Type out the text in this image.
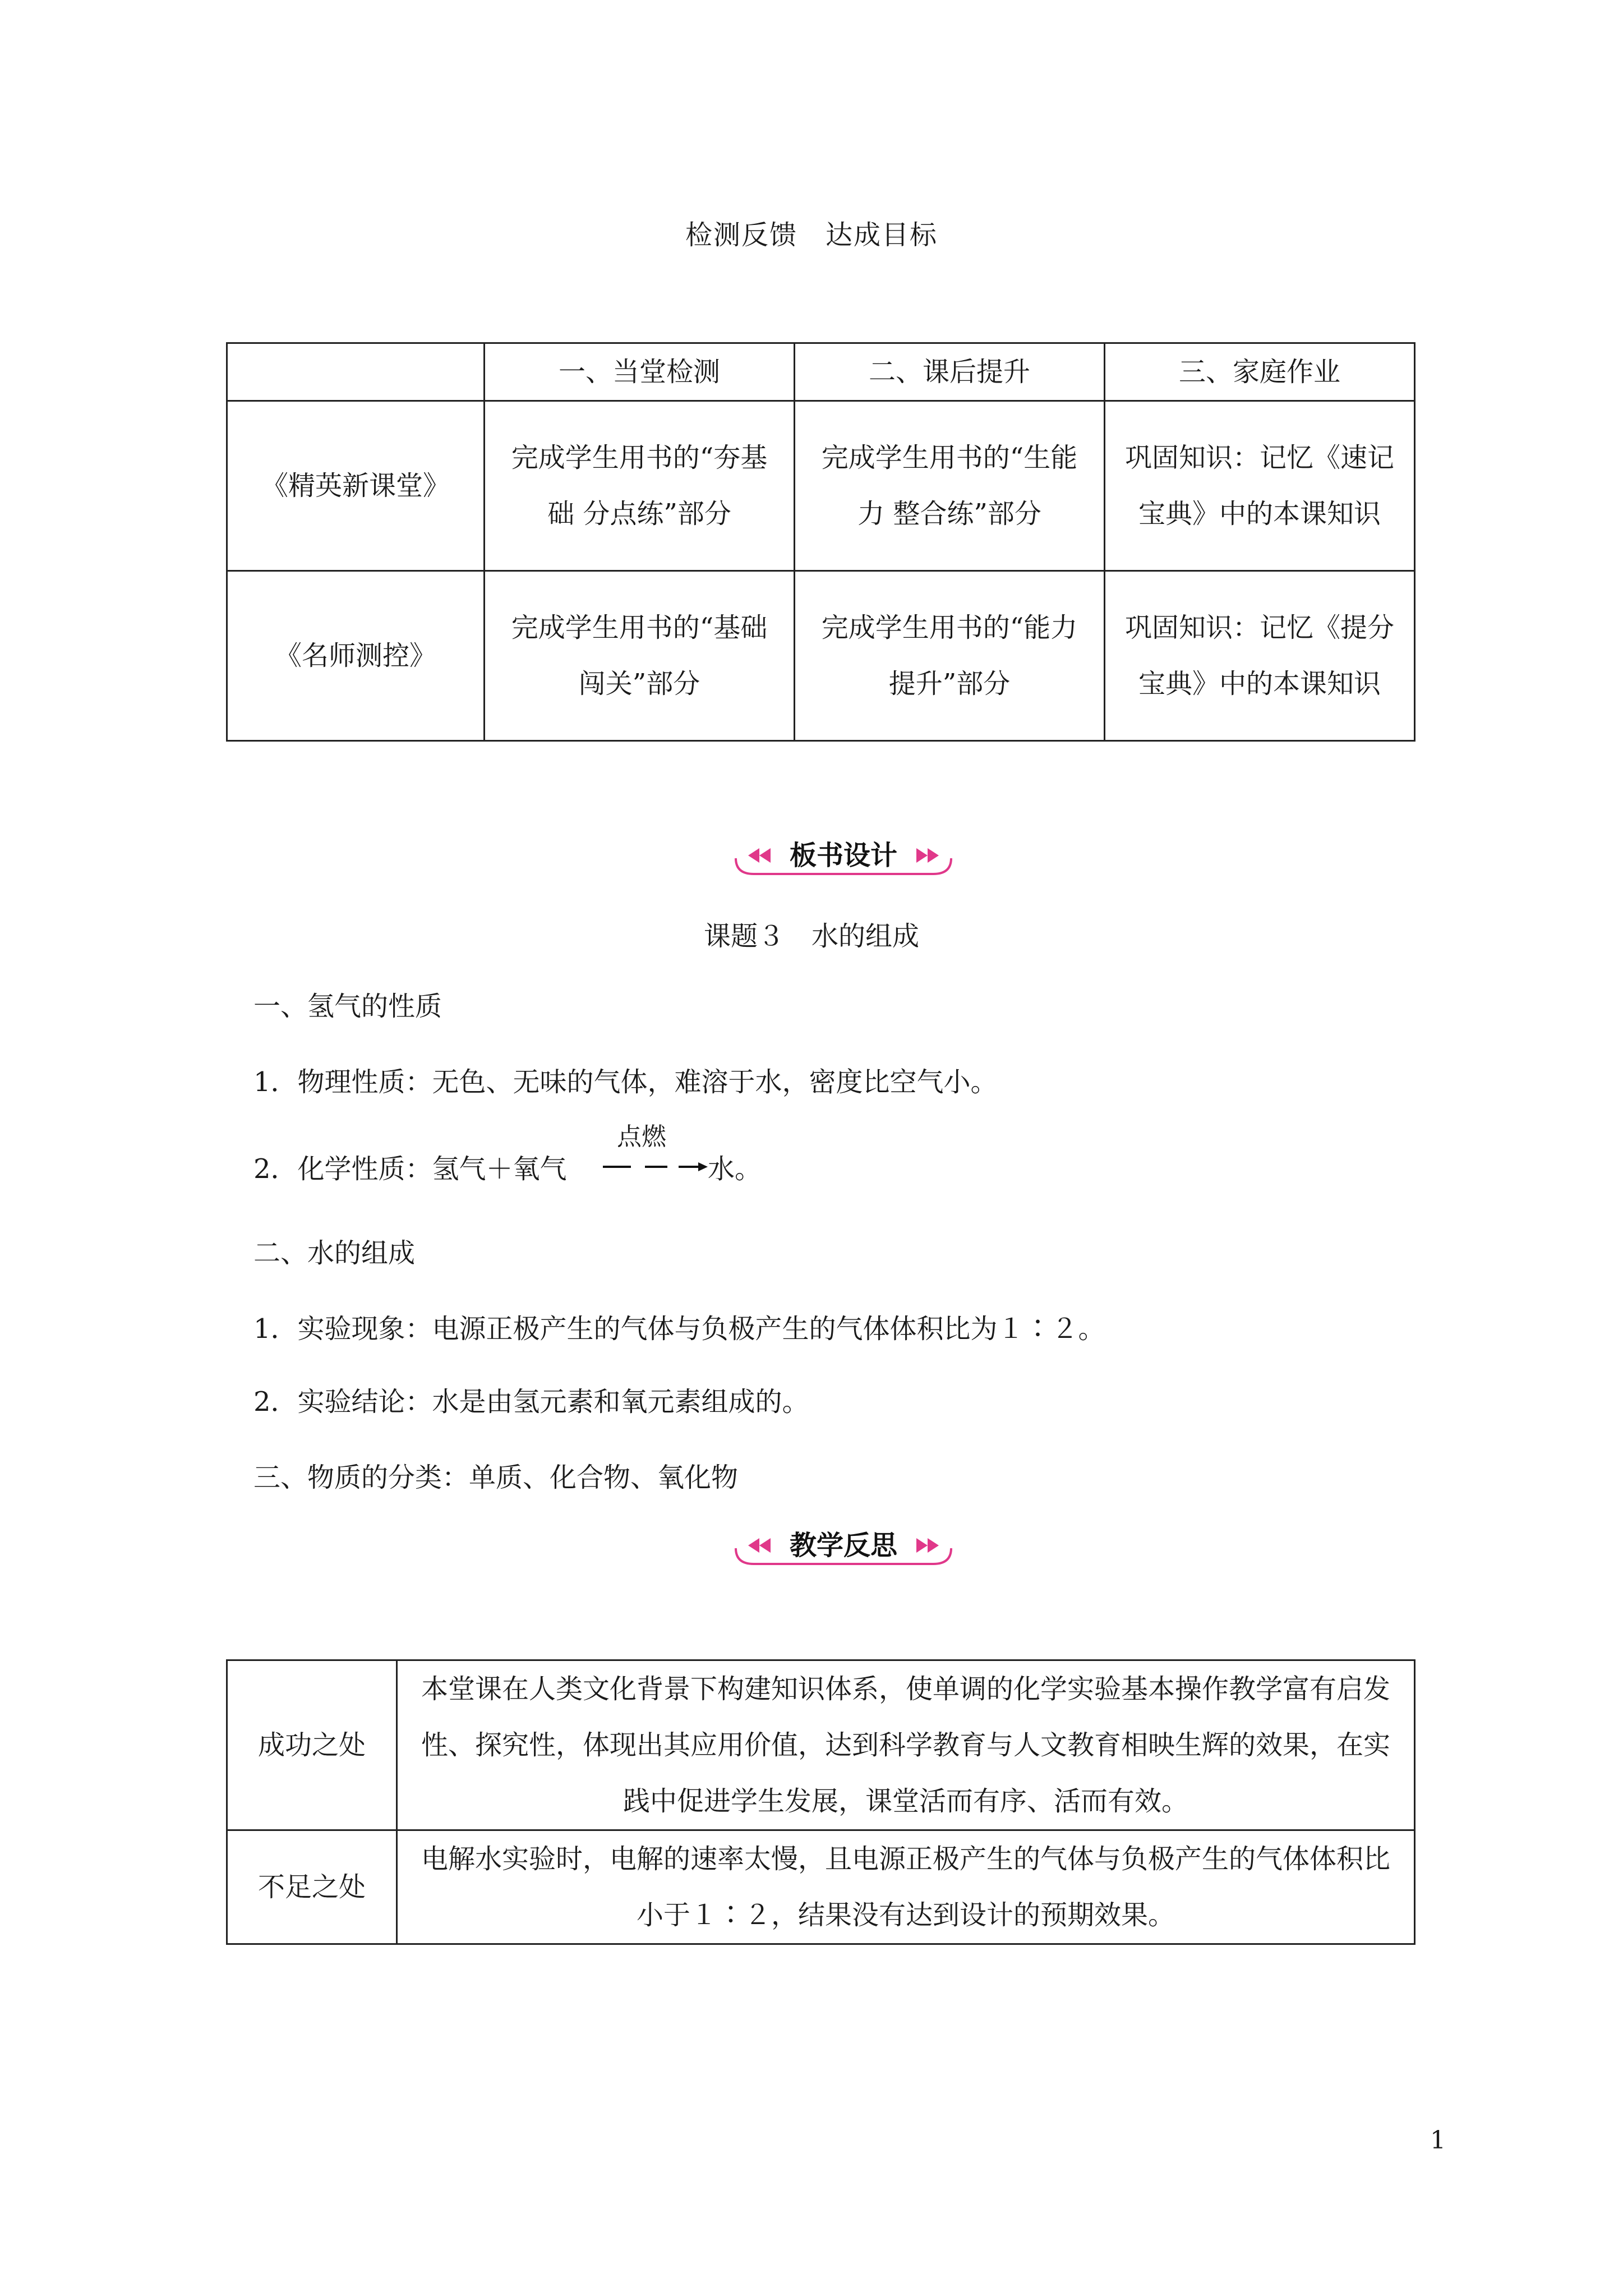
检测反馈　达成目标
	一、当堂检测	二、课后提升	三、家庭作业
《精英新课堂》	完成学生用书的“夯基础 分点练”部分	完成学生用书的“生能力 整合练”部分	巩固知识：记忆《速记宝典》中的本课知识
《名师测控》	完成学生用书的“基础闯关”部分	完成学生用书的“能力提升”部分	巩固知识：记忆《提分宝典》中的本课知识
板书设计
课题３　水的组成
一、氢气的性质
1．物理性质：无色、无味的气体，难溶于水，密度比空气小。
2．化学性质：氢气＋氧气
点燃
水。
二、水的组成
1．实验现象：电源正极产生的气体与负极产生的气体体积比为１∶２。
2．实验结论：水是由氢元素和氧元素组成的。
三、物质的分类：单质、化合物、氧化物
教学反思
成功之处	本堂课在人类文化背景下构建知识体系，使单调的化学实验基本操作教学富有启发性、探究性，体现出其应用价值，达到科学教育与人文教育相映生辉的效果，在实践中促进学生发展，课堂活而有序、活而有效。
不足之处	电解水实验时，电解的速率太慢，且电源正极产生的气体与负极产生的气体体积比小于１∶２，结果没有达到设计的预期效果。
1
